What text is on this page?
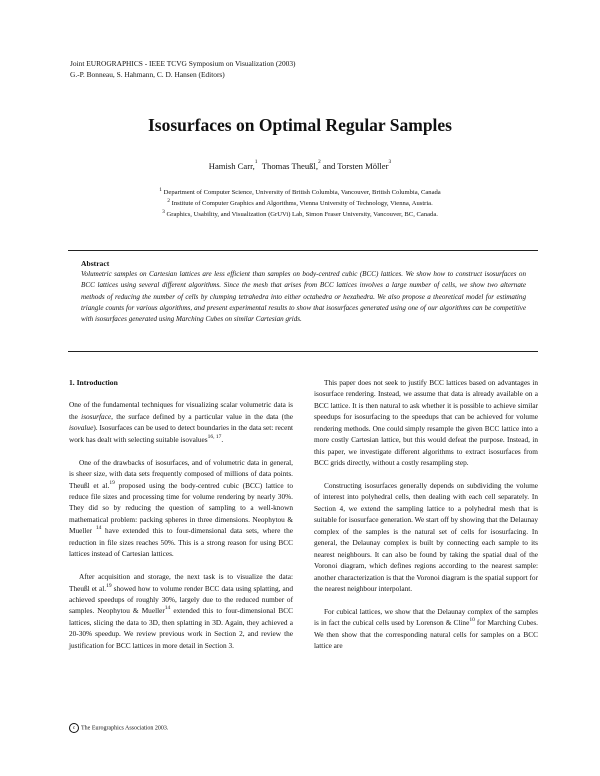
Joint EUROGRAPHICS - IEEE TCVG Symposium on Visualization (2003)
G.-P. Bonneau, S. Hahmann, C. D. Hansen (Editors)
Isosurfaces on Optimal Regular Samples
Hamish Carr,$^1$ Thomas Theußl,$^2$ and Torsten Möller$^3$
$^1$ Department of Computer Science, University of British Columbia, Vancouver, British Columbia, Canada
$^2$ Institute of Computer Graphics and Algorithms, Vienna University of Technology, Vienna, Austria.
$^3$ Graphics, Usability, and Visualization (GrUVi) Lab, Simon Fraser University, Vancouver, BC, Canada.
Abstract
Volumetric samples on Cartesian lattices are less efficient than samples on body-centred cubic (BCC) lattices. We show how to construct isosurfaces on BCC lattices using several different algorithms. Since the mesh that arises from BCC lattices involves a large number of cells, we show two alternate methods of reducing the number of cells by clumping tetrahedra into either octahedra or hexahedra. We also propose a theoretical model for estimating triangle counts for various algorithms, and present experimental results to show that isosurfaces generated using one of our algorithms can be competitive with isosurfaces generated using Marching Cubes on similar Cartesian grids.
1. Introduction

One of the fundamental techniques for visualizing scalar volumetric data is the isosurface, the surface defined by a particular value in the data (the isovalue). Isosurfaces can be used to detect boundaries in the data set: recent work has dealt with selecting suitable isovalues$^{16, 17}$.

One of the drawbacks of isosurfaces, and of volumetric data in general, is sheer size, with data sets frequently composed of millions of data points. Theußl et al.$^{19}$ proposed using the body-centred cubic (BCC) lattice to reduce file sizes and processing time for volume rendering by nearly 30%. They did so by reducing the question of sampling to a well-known mathematical problem: packing spheres in three dimensions. Neophytou & Mueller $^{14}$ have extended this to four-dimensional data sets, where the reduction in file sizes reaches 50%. This is a strong reason for using BCC lattices instead of Cartesian lattices.

After acquisition and storage, the next task is to visualize the data: Theußl et al.$^{19}$ showed how to volume render BCC data using splatting, and achieved speedups of roughly 30%, largely due to the reduced number of samples. Neophytou & Mueller$^{14}$ extended this to four-dimensional BCC lattices, slicing the data to 3D, then splatting in 3D. Again, they achieved a 20-30% speedup. We review previous work in Section 2, and review the justification for BCC lattices in more detail in Section 3.

This paper does not seek to justify BCC lattices based on advantages in isosurface rendering. Instead, we assume that data is already available on a BCC lattice. It is then natural to ask whether it is possible to achieve similar speedups for isosurfacing to the speedups that can be achieved for volume rendering methods. One could simply resample the given BCC lattice into a more costly Cartesian lattice, but this would defeat the purpose. Instead, in this paper, we investigate different algorithms to extract isosurfaces from BCC grids directly, without a costly resampling step.

Constructing isosurfaces generally depends on subdividing the volume of interest into polyhedral cells, then dealing with each cell separately. In Section 4, we extend the sampling lattice to a polyhedral mesh that is suitable for isosurface generation. We start off by showing that the Delaunay complex of the samples is the natural set of cells for isosurfacing. In general, the Delaunay complex is built by connecting each sample to its nearest neighbours. It can also be found by taking the spatial dual of the Voronoi diagram, which defines regions according to the nearest sample: another characterization is that the Voronoi diagram is the spatial support for the nearest neighbour interpolant.

For cubical lattices, we show that the Delaunay complex of the samples is in fact the cubical cells used by Lorenson & Cline$^{10}$ for Marching Cubes. We then show that the corresponding natural cells for samples on a BCC lattice are

c The Eurographics Association 2003.
